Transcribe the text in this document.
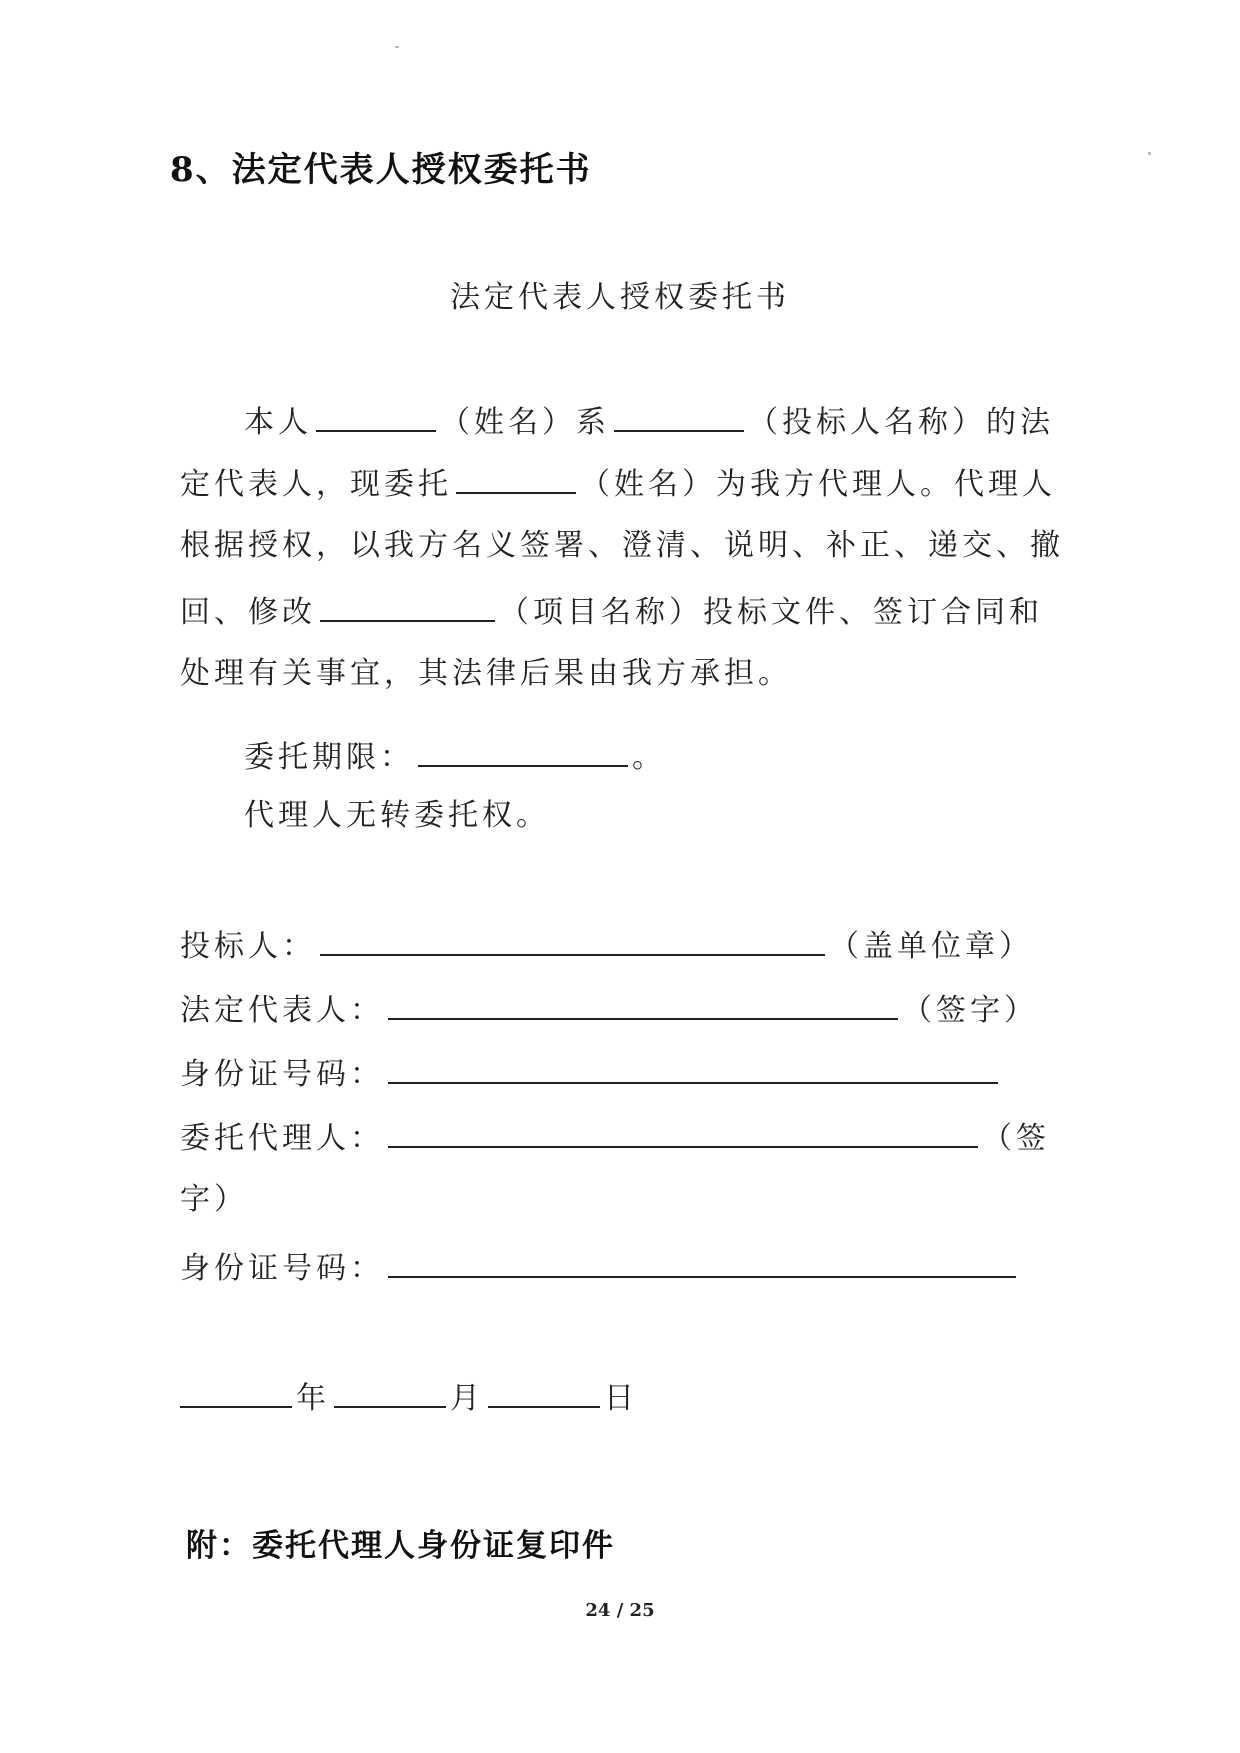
8、法定代表人授权委托书
法定代表人授权委托书
本人	（姓名）系	（投标人名称）的法
定代表人，现委托	（姓名）为我方代理人。代理人
根据授权，以我方名义签署、澄清、说明、补正、递交、撤
回、修改	（项目名称）投标文件、签订合同和
处理有关事宜，其法律后果由我方承担。
委托期限：	。
代理人无转委托权。
投标人：	（盖单位章）
法定代表人：	（签字）
身份证号码：
委托代理人：	（签
字）
身份证号码：
年	月	日
附：委托代理人身份证复印件
24 / 25
